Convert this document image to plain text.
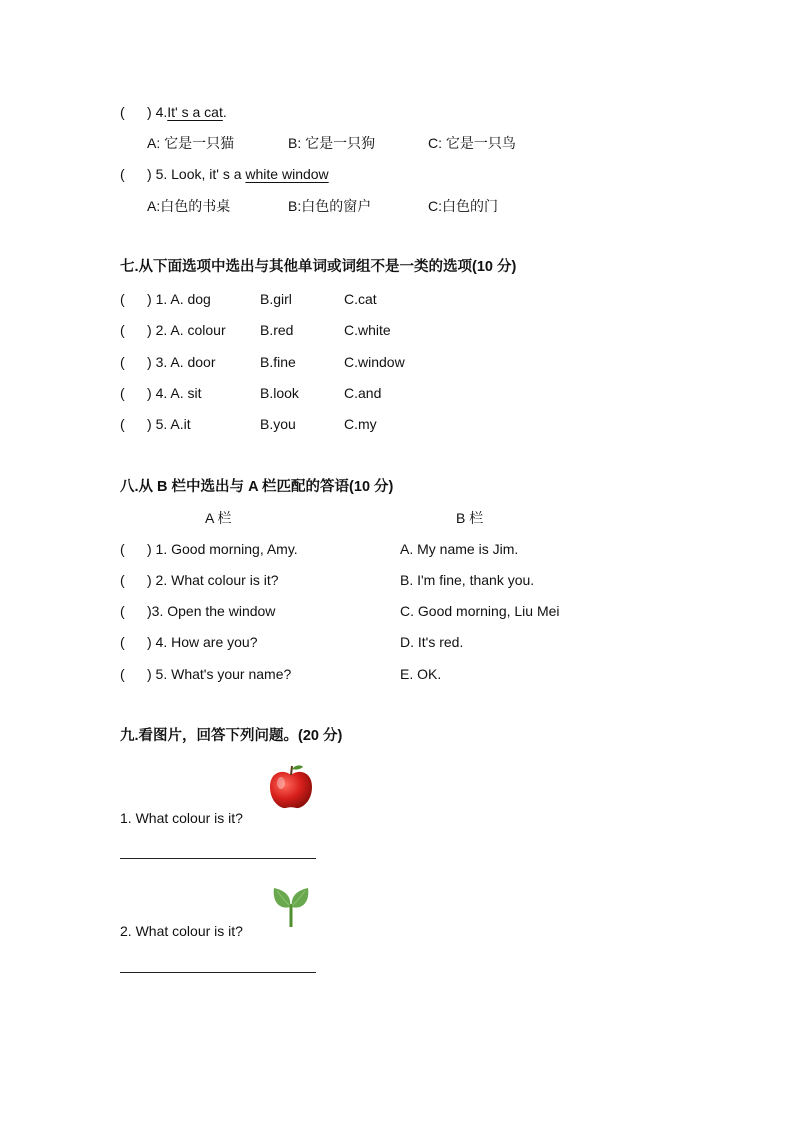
( ) 4.It' s a cat.
A: 它是一只猫	B: 它是一只狗	C: 它是一只鸟
( ) 5. Look, it' s a white window
A:白色的书桌	B:白色的窗户	C:白色的门
七.从下面选项中选出与其他单词或词组不是一类的选项(10 分)
( ) 1. A. dog	B.girl	C.cat
( ) 2. A. colour B.red	C.white
( ) 3. A. door	B.fine	C.window
( ) 4. A. sit	B.look	C.and
( ) 5. A.it	B.you	C.my
八.从 B 栏中选出与 A 栏匹配的答语(10 分)
A 栏	B 栏
( ) 1. Good morning, Amy.	A. My name is Jim.
( ) 2. What colour is it?	B. I'm fine, thank you.
( )3. Open the window	C. Good morning, Liu Mei
( ) 4. How are you?	D. It's red.
( ) 5. What's your name?	E. OK.
九.看图片，回答下列问题。(20 分)
1. What colour is it?
2. What colour is it?
